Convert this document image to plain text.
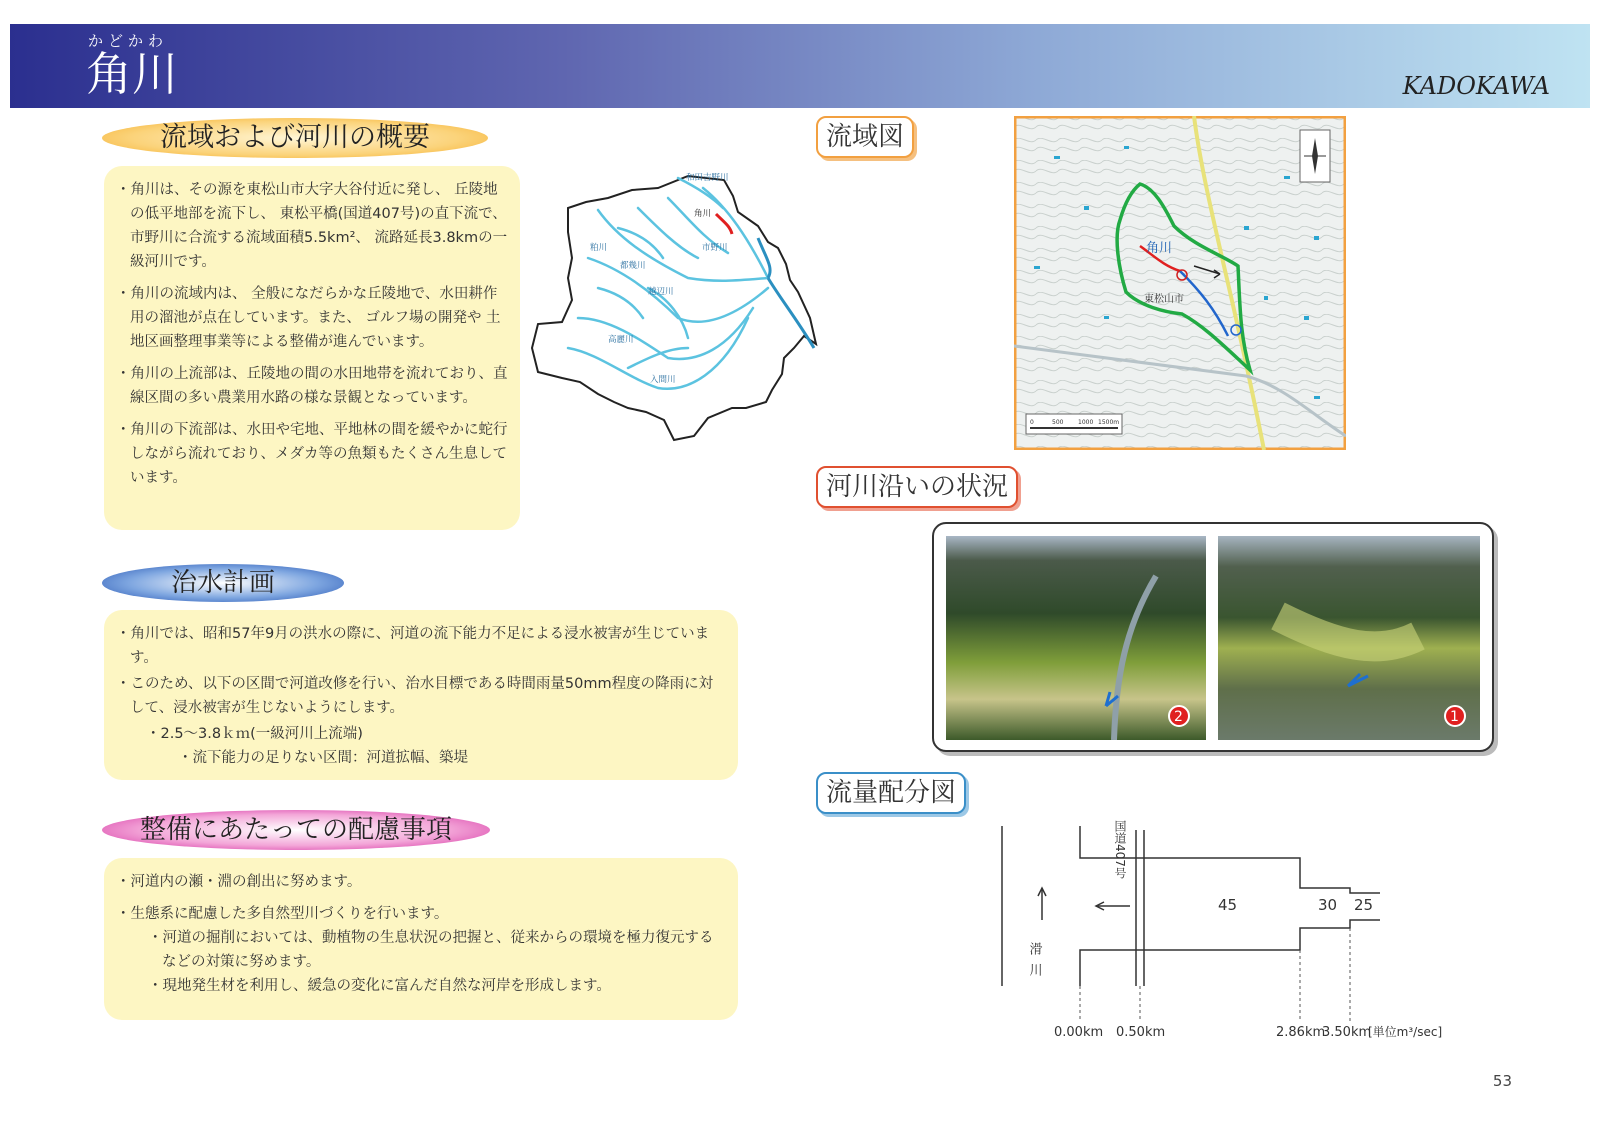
かどかわ
角川	KADOKAWA
流域および河川の概要

・角川は、その源を東松山市大字大谷付近に発し、 丘陵地の低平地部を流下し、 東松平橋(国道407号)の直下流で、 市野川に合流する流域面積5.5km²、 流路延長3.8kmの一級河川です。

・角川の流域内は、 全般になだらかな丘陵地で、水田耕作用の溜池が点在しています。また、 ゴルフ場の開発や 土地区画整理事業等による整備が進んでいます。

・角川の上流部は、丘陵地の間の水田地帯を流れており、直線区間の多い農業用水路の様な景観となっています。

・角川の下流部は、水田や宅地、平地林の間を緩やかに蛇行しながら流れており、メダカ等の魚類もたくさん生息しています。

和田吉野川
角川
市野川
粕川
都幾川
越辺川
高麗川
入間川
治水計画

・角川では、昭和57年9月の洪水の際に、河道の流下能力不足による浸水被害が生じています。

・このため、以下の区間で河道改修を行い、治水目標である時間雨量50mm程度の降雨に対して、浸水被害が生じないようにします。

・2.5～3.8ｋｍ(一級河川上流端)
・流下能力の足りない区間：河道拡幅、築堤
整備にあたっての配慮事項

・河道内の瀬・淵の創出に努めます。

・生態系に配慮した多自然型川づくりを行います。

・河道の掘削においては、動植物の生息状況の把握と、従来からの環境を極力復元するなどの対策に努めます。
・現地発生材を利用し、緩急の変化に富んだ自然な河岸を形成します。
流域図
角川
東松山市
0	500 1000 1500m
河川沿いの状況
2	1
流量配分図
国道407号
滑川
45	30 25
0.00km 0.50km	2.86km
3.50km
[単位m³/sec]
53
